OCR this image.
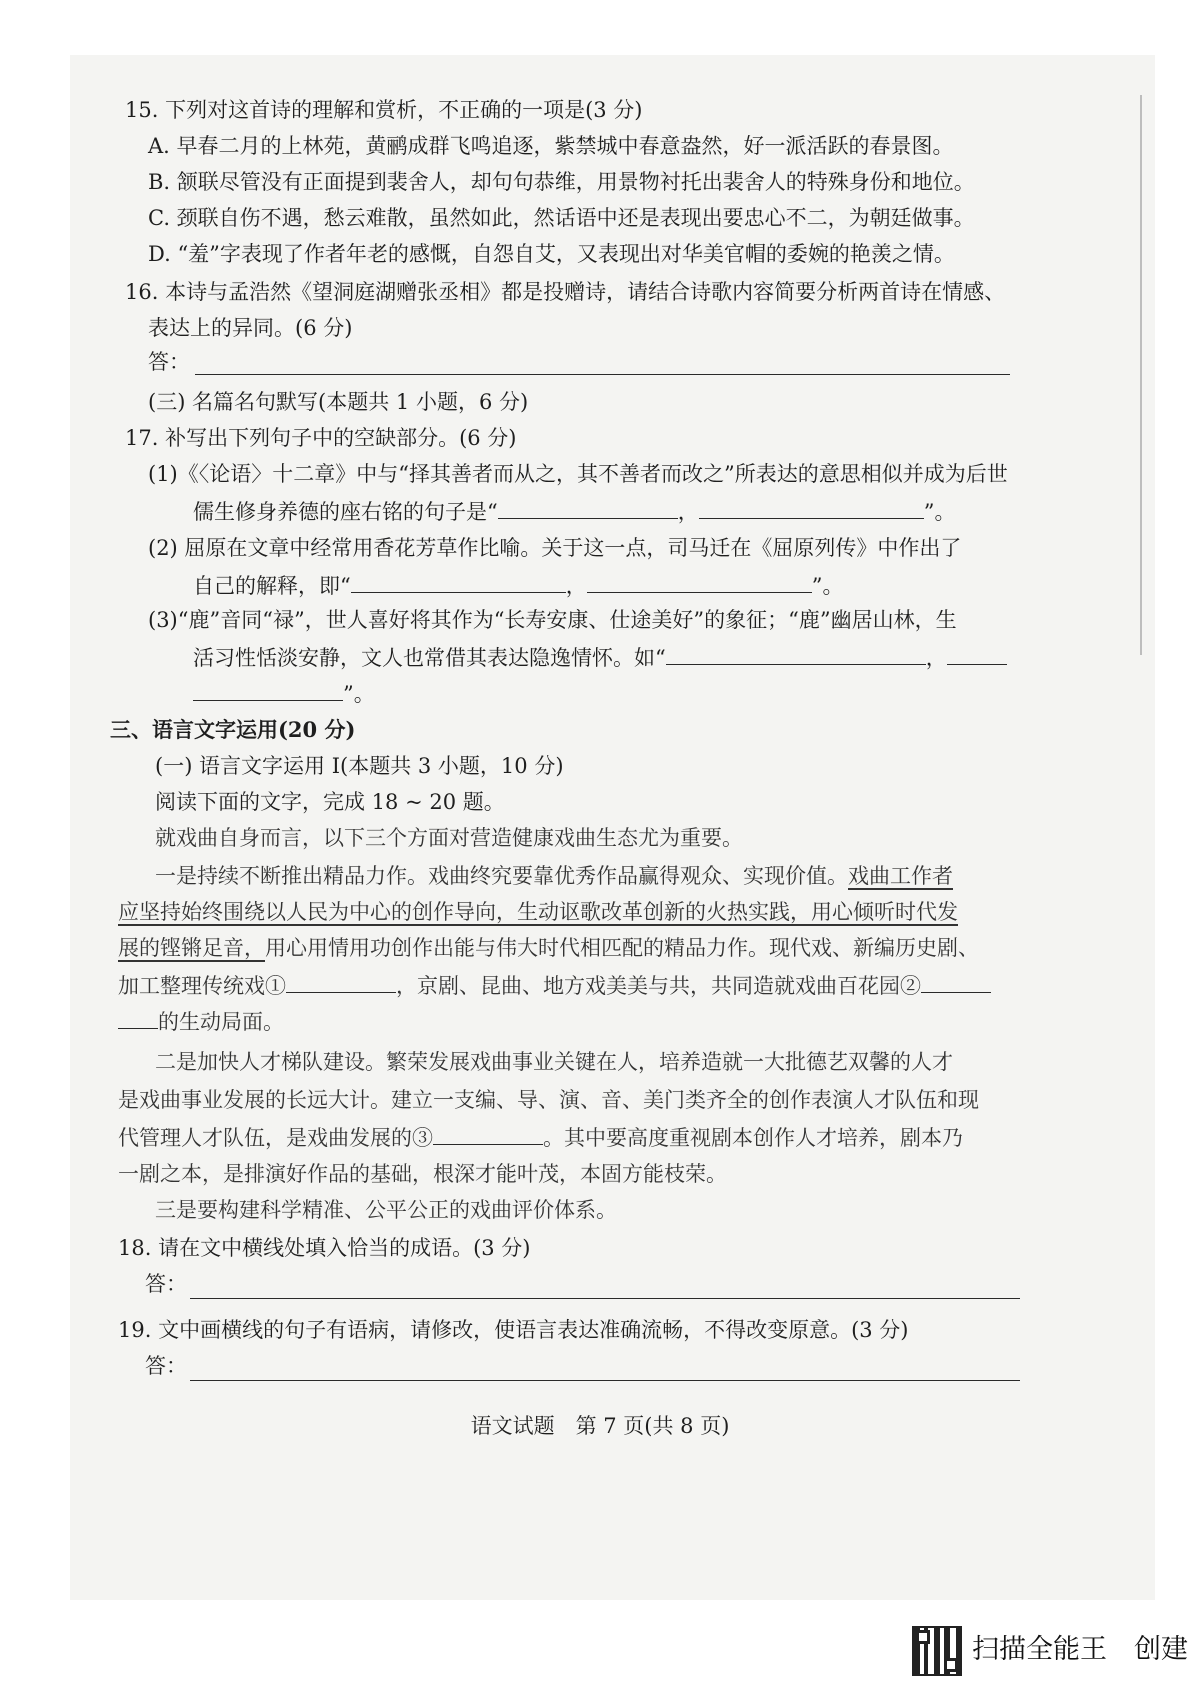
15. 下列对这首诗的理解和赏析，不正确的一项是(3 分)
A. 早春二月的上林苑，黄鹂成群飞鸣追逐，紫禁城中春意盎然，好一派活跃的春景图。
B. 颔联尽管没有正面提到裴舍人，却句句恭维，用景物衬托出裴舍人的特殊身份和地位。
C. 颈联自伤不遇，愁云难散，虽然如此，然话语中还是表现出要忠心不二，为朝廷做事。
D. “羞”字表现了作者年老的感慨，自怨自艾，又表现出对华美官帽的委婉的艳羡之情。
16. 本诗与孟浩然《望洞庭湖赠张丞相》都是投赠诗，请结合诗歌内容简要分析两首诗在情感、
表达上的异同。(6 分)
答：
(三) 名篇名句默写(本题共 1 小题，6 分)
17. 补写出下列句子中的空缺部分。(6 分)
(1)《〈论语〉十二章》中与“择其善者而从之，其不善者而改之”所表达的意思相似并成为后世
儒生修身养德的座右铭的句子是“	，	”。
(2) 屈原在文章中经常用香花芳草作比喻。关于这一点，司马迁在《屈原列传》中作出了
自己的解释，即“	，	”。
(3)“鹿”音同“禄”，世人喜好将其作为“长寿安康、仕途美好”的象征；“鹿”幽居山林，生
活习性恬淡安静，文人也常借其表达隐逸情怀。如“	，
”。
三、语言文字运用(20 分)
(一) 语言文字运用 Ⅰ(本题共 3 小题，10 分)
阅读下面的文字，完成 18 ~ 20 题。
就戏曲自身而言，以下三个方面对营造健康戏曲生态尤为重要。
一是持续不断推出精品力作。戏曲终究要靠优秀作品赢得观众、实现价值。戏曲工作者
应坚持始终围绕以人民为中心的创作导向，生动讴歌改革创新的火热实践，用心倾听时代发
展的铿锵足音，用心用情用功创作出能与伟大时代相匹配的精品力作。现代戏、新编历史剧、
加工整理传统戏①	，京剧、昆曲、地方戏美美与共，共同造就戏曲百花园②
的生动局面。
二是加快人才梯队建设。繁荣发展戏曲事业关键在人，培养造就一大批德艺双馨的人才
是戏曲事业发展的长远大计。建立一支编、导、演、音、美门类齐全的创作表演人才队伍和现
代管理人才队伍，是戏曲发展的③	。其中要高度重视剧本创作人才培养，剧本乃
一剧之本，是排演好作品的基础，根深才能叶茂，本固方能枝荣。
三是要构建科学精准、公平公正的戏曲评价体系。
18. 请在文中横线处填入恰当的成语。(3 分)
答：
19. 文中画横线的句子有语病，请修改，使语言表达准确流畅，不得改变原意。(3 分)
答：
语文试题　第 7 页(共 8 页)
扫描全能王　创建
